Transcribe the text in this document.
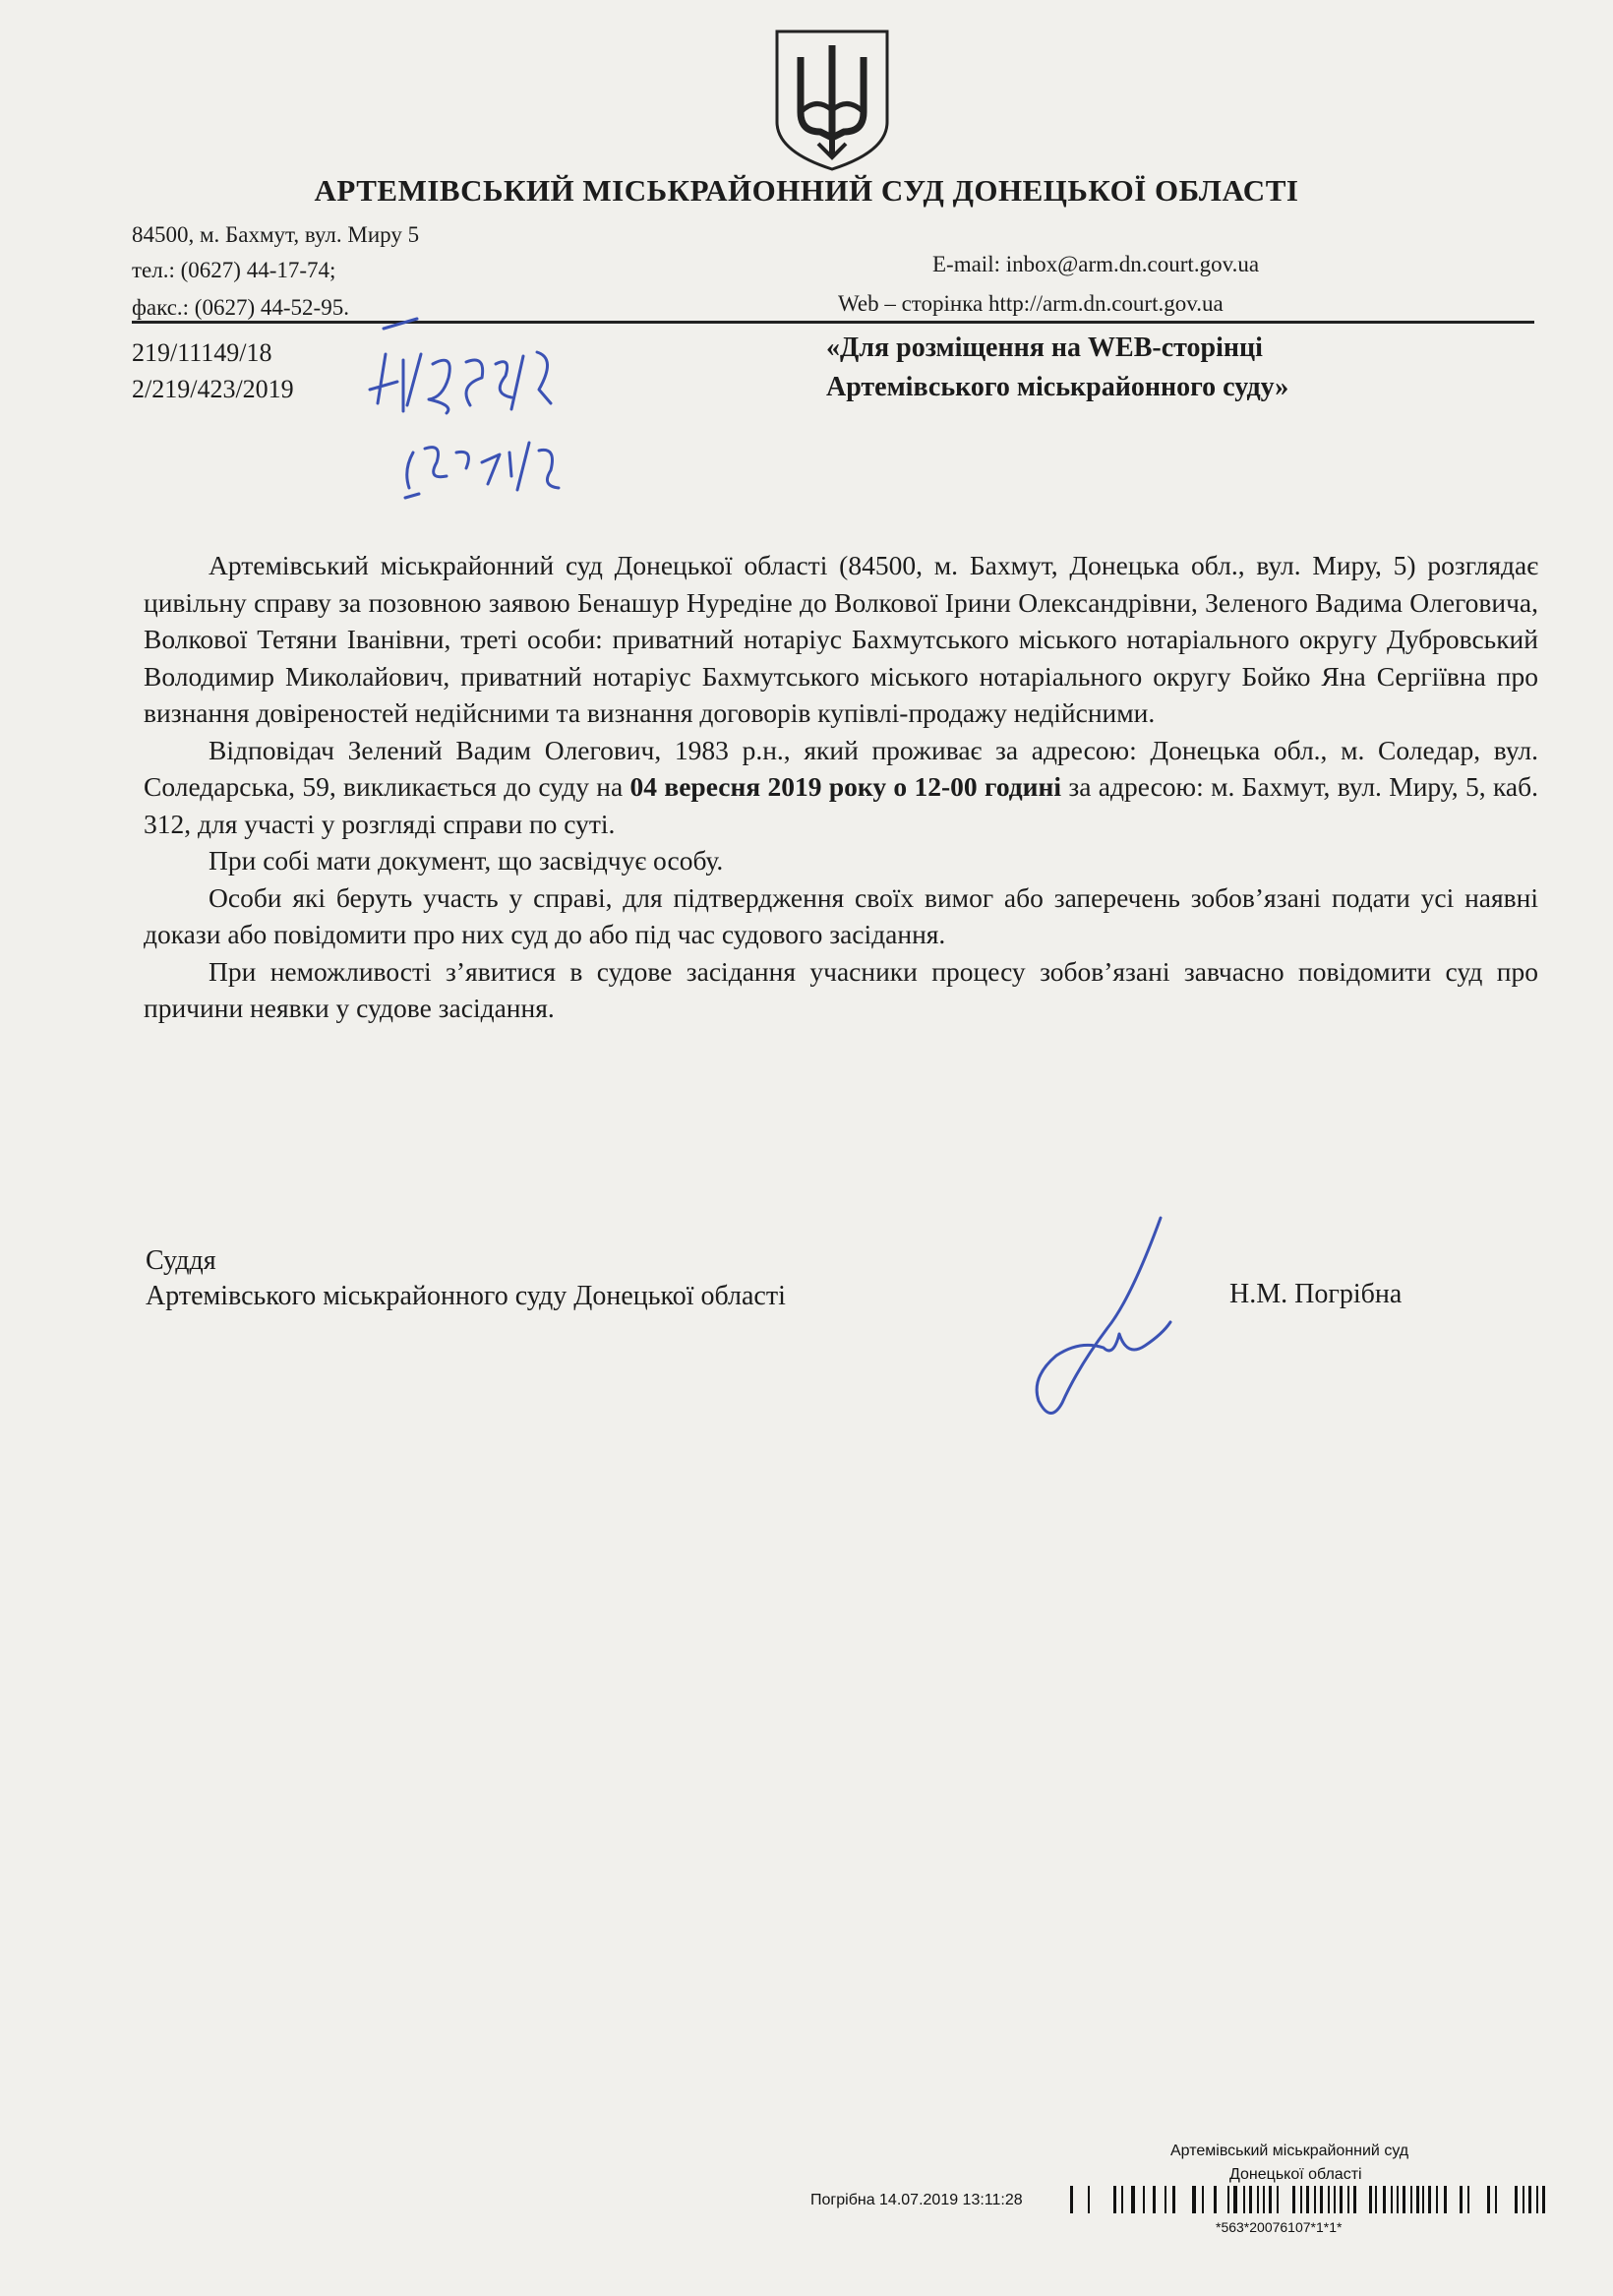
АРТЕМІВСЬКИЙ МІСЬКРАЙОННИЙ СУД ДОНЕЦЬКОЇ ОБЛАСТІ
84500, м. Бахмут, вул. Миру 5
тел.: (0627) 44-17-74;
факс.: (0627) 44-52-95.
E-mail: inbox@arm.dn.court.gov.ua
Web – сторінка http://arm.dn.court.gov.ua
219/11149/18
2/219/423/2019
«Для розміщення на WEB-сторінці
Артемівського міськрайонного суду»

Артемівський міськрайонний суд Донецької області (84500, м. Бахмут, Донецька обл., вул. Миру, 5) розглядає цивільну справу за позовною заявою Бенашур Нуредіне до Волкової Ірини Олександрівни, Зеленого Вадима Олеговича, Волкової Тетяни Іванівни, треті особи: приватний нотаріус Бахмутського міського нотаріального округу Дубровський Володимир Миколайович, приватний нотаріус Бахмутського міського нотаріального округу Бойко Яна Сергіївна про визнання довіреностей недійсними та визнання договорів купівлі-продажу недійсними.

Відповідач Зелений Вадим Олегович, 1983 р.н., який проживає за адресою: Донецька обл., м. Соледар, вул. Соледарська, 59, викликається до суду на 04 вересня 2019 року о 12-00 годині за адресою: м. Бахмут, вул. Миру, 5, каб. 312, для участі у розгляді справи по суті.

При собі мати документ, що засвідчує особу.

Особи які беруть участь у справі, для підтвердження своїх вимог або заперечень зобов’язані подати усі наявні докази або повідомити про них суд до або під час судового засідання.

При неможливості з’явитися в судове засідання учасники процесу зобов’язані завчасно повідомити суд про причини неявки у судове засідання.

Суддя
Артемівського міськрайонного суду Донецької області	Н.М. Погрібна
Артемівський міськрайонний суд
Донецької області
Погрібна 14.07.2019 13:11:28
*563*20076107*1*1*
